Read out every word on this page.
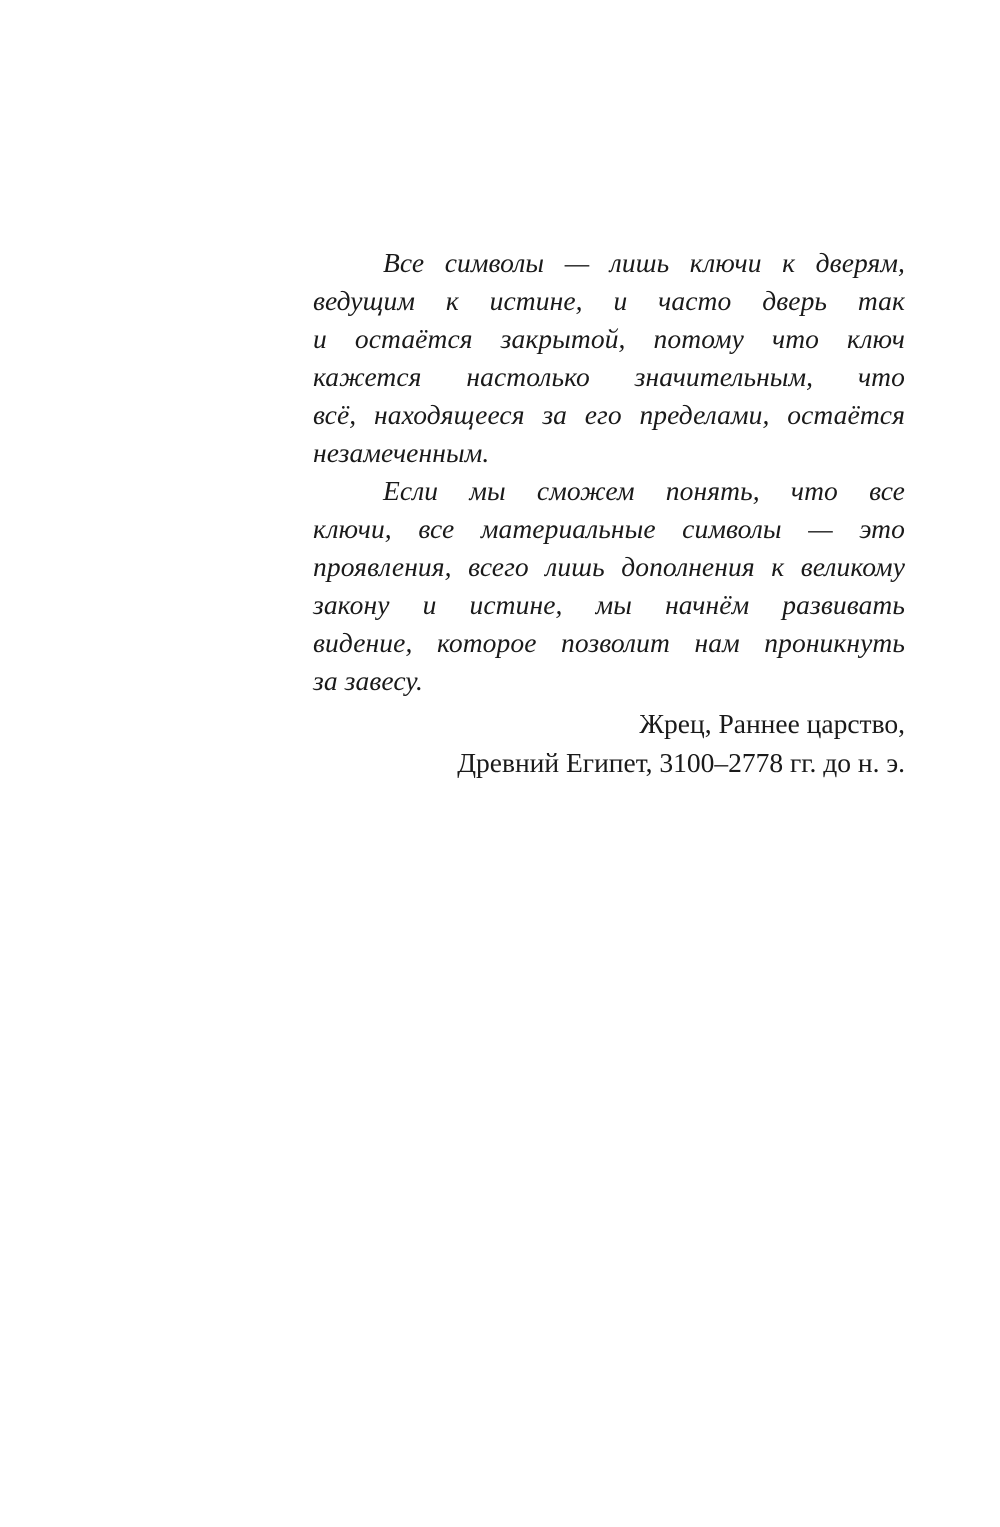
Все символы — лишь ключи к дверям,
ведущим к истине, и часто дверь так
и остаётся закрытой, потому что ключ
кажется настолько значительным, что
всё, находящееся за его пределами, остаётся
незамеченным.
Если мы сможем понять, что все
ключи, все материальные символы — это
проявления, всего лишь дополнения к великому
закону и истине, мы начнём развивать
видение, которое позволит нам проникнуть
за завесу.
Жрец, Раннее царство,
Древний Египет, 3100–2778 гг. до н. э.
